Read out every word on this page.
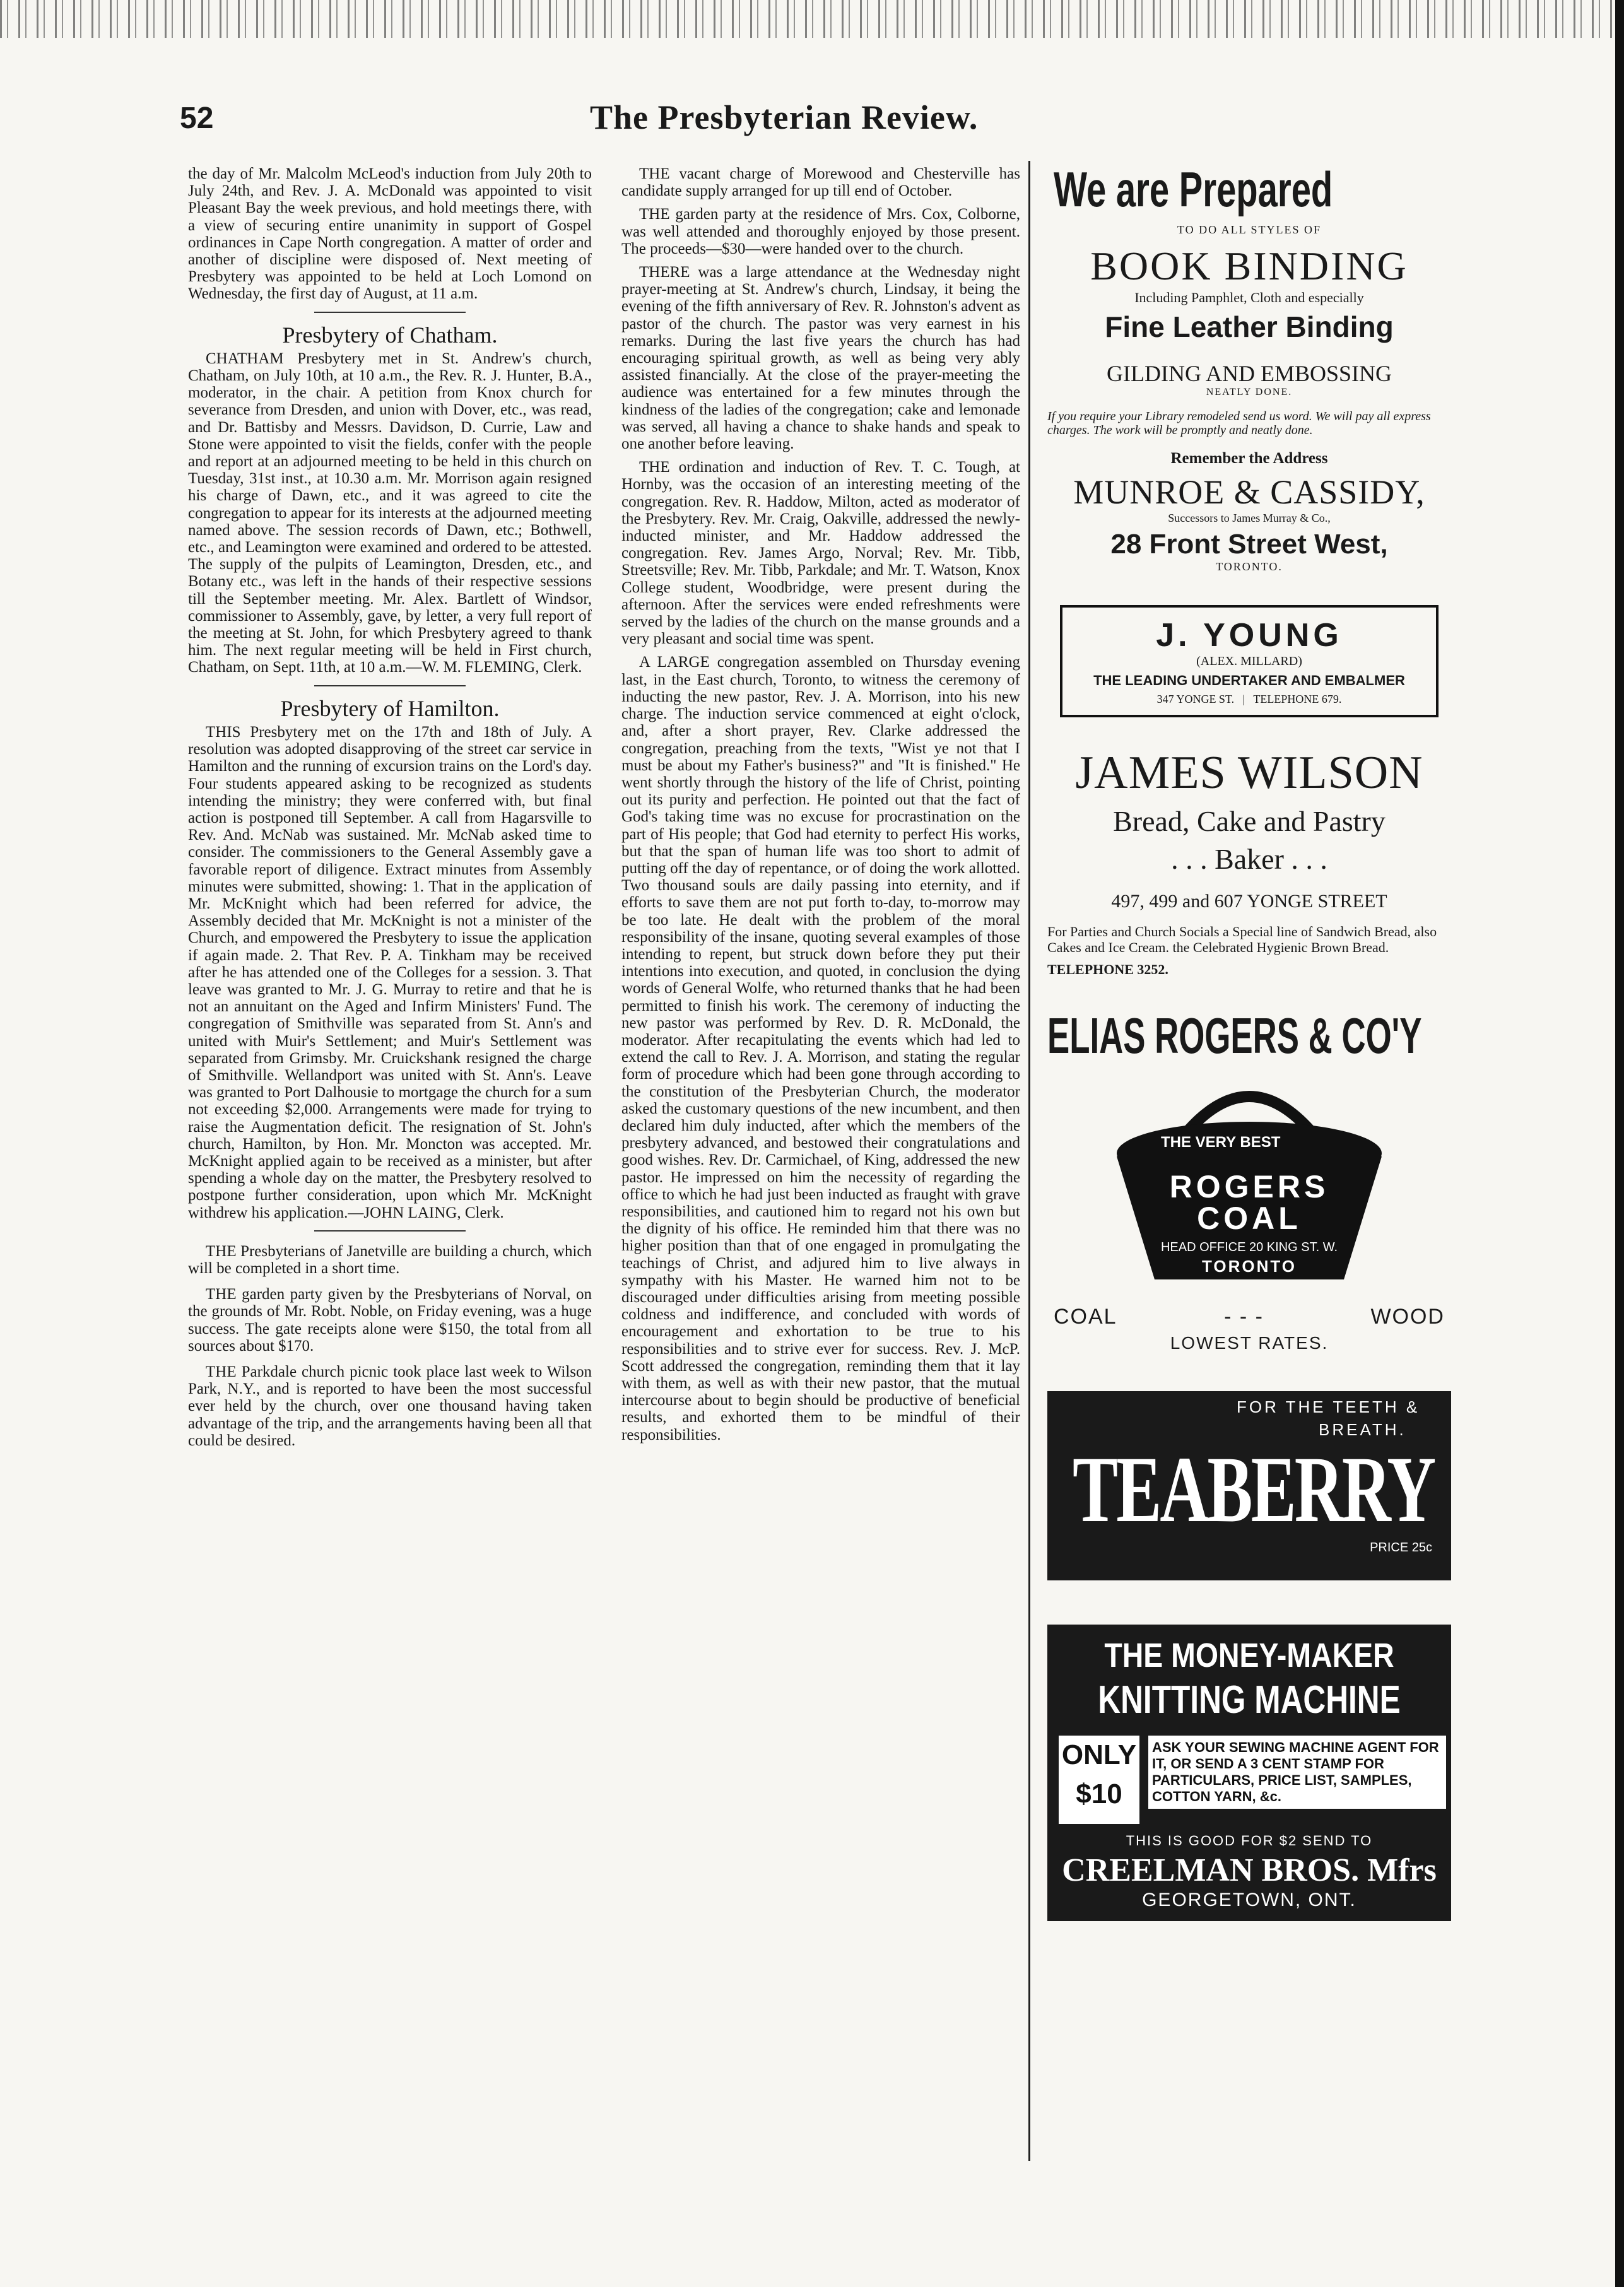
52	The Presbyterian Review.

the day of Mr. Malcolm McLeod's induction from July 20th to July 24th, and Rev. J. A. McDonald was appointed to visit Pleasant Bay the week previous, and hold meetings there, with a view of securing entire unanimity in support of Gospel ordinances in Cape North congregation. A matter of order and another of discipline were disposed of. Next meeting of Presbytery was appointed to be held at Loch Lomond on Wednesday, the first day of August, at 11 a.m.

Presbytery of Chatham.

CHATHAM Presbytery met in St. Andrew's church, Chatham, on July 10th, at 10 a.m., the Rev. R. J. Hunter, B.A., moderator, in the chair. A petition from Knox church for severance from Dresden, and union with Dover, etc., was read, and Dr. Battisby and Messrs. Davidson, D. Currie, Law and Stone were appointed to visit the fields, confer with the people and report at an adjourned meeting to be held in this church on Tuesday, 31st inst., at 10.30 a.m. Mr. Morrison again resigned his charge of Dawn, etc., and it was agreed to cite the congregation to appear for its interests at the adjourned meeting named above. The session records of Dawn, etc.; Bothwell, etc., and Leamington were examined and ordered to be attested. The supply of the pulpits of Leamington, Dresden, etc., and Botany etc., was left in the hands of their respective sessions till the September meeting. Mr. Alex. Bartlett of Windsor, commissioner to Assembly, gave, by letter, a very full report of the meeting at St. John, for which Presbytery agreed to thank him. The next regular meeting will be held in First church, Chatham, on Sept. 11th, at 10 a.m.—W. M. FLEMING, Clerk.

Presbytery of Hamilton.

THIS Presbytery met on the 17th and 18th of July. A resolution was adopted disapproving of the street car service in Hamilton and the running of excursion trains on the Lord's day. Four students appeared asking to be recognized as students intending the ministry; they were conferred with, but final action is postponed till September. A call from Hagarsville to Rev. And. McNab was sustained. Mr. McNab asked time to consider. The commissioners to the General Assembly gave a favorable report of diligence. Extract minutes from Assembly minutes were submitted, showing: 1. That in the application of Mr. McKnight which had been referred for advice, the Assembly decided that Mr. McKnight is not a minister of the Church, and empowered the Presbytery to issue the application if again made. 2. That Rev. P. A. Tinkham may be received after he has attended one of the Colleges for a session. 3. That leave was granted to Mr. J. G. Murray to retire and that he is not an annuitant on the Aged and Infirm Ministers' Fund. The congregation of Smithville was separated from St. Ann's and united with Muir's Settlement; and Muir's Settlement was separated from Grimsby. Mr. Cruickshank resigned the charge of Smithville. Wellandport was united with St. Ann's. Leave was granted to Port Dalhousie to mortgage the church for a sum not exceeding $2,000. Arrangements were made for trying to raise the Augmentation deficit. The resignation of St. John's church, Hamilton, by Hon. Mr. Moncton was accepted. Mr. McKnight applied again to be received as a minister, but after spending a whole day on the matter, the Presbytery resolved to postpone further consideration, upon which Mr. McKnight withdrew his application.—JOHN LAING, Clerk.

THE Presbyterians of Janetville are building a church, which will be completed in a short time.

THE garden party given by the Presbyterians of Norval, on the grounds of Mr. Robt. Noble, on Friday evening, was a huge success. The gate receipts alone were $150, the total from all sources about $170.

THE Parkdale church picnic took place last week to Wilson Park, N.Y., and is reported to have been the most successful ever held by the church, over one thousand having taken advantage of the trip, and the arrangements having been all that could be desired.

THE vacant charge of Morewood and Chesterville has candidate supply arranged for up till end of October.

THE garden party at the residence of Mrs. Cox, Colborne, was well attended and thoroughly enjoyed by those present. The proceeds—$30—were handed over to the church.

THERE was a large attendance at the Wednesday night prayer-meeting at St. Andrew's church, Lindsay, it being the evening of the fifth anniversary of Rev. R. Johnston's advent as pastor of the church. The pastor was very earnest in his remarks. During the last five years the church has had encouraging spiritual growth, as well as being very ably assisted financially. At the close of the prayer-meeting the audience was entertained for a few minutes through the kindness of the ladies of the congregation; cake and lemonade was served, all having a chance to shake hands and speak to one another before leaving.

THE ordination and induction of Rev. T. C. Tough, at Hornby, was the occasion of an interesting meeting of the congregation. Rev. R. Haddow, Milton, acted as moderator of the Presbytery. Rev. Mr. Craig, Oakville, addressed the newly-inducted minister, and Mr. Haddow addressed the congregation. Rev. James Argo, Norval; Rev. Mr. Tibb, Streetsville; Rev. Mr. Tibb, Parkdale; and Mr. T. Watson, Knox College student, Woodbridge, were present during the afternoon. After the services were ended refreshments were served by the ladies of the church on the manse grounds and a very pleasant and social time was spent.

A LARGE congregation assembled on Thursday evening last, in the East church, Toronto, to witness the ceremony of inducting the new pastor, Rev. J. A. Morrison, into his new charge. The induction service commenced at eight o'clock, and, after a short prayer, Rev. Clarke addressed the congregation, preaching from the texts, "Wist ye not that I must be about my Father's business?" and "It is finished." He went shortly through the history of the life of Christ, pointing out its purity and perfection. He pointed out that the fact of God's taking time was no excuse for procrastination on the part of His people; that God had eternity to perfect His works, but that the span of human life was too short to admit of putting off the day of repentance, or of doing the work allotted. Two thousand souls are daily passing into eternity, and if efforts to save them are not put forth to-day, to-morrow may be too late. He dealt with the problem of the moral responsibility of the insane, quoting several examples of those intending to repent, but struck down before they put their intentions into execution, and quoted, in conclusion the dying words of General Wolfe, who returned thanks that he had been permitted to finish his work. The ceremony of inducting the new pastor was performed by Rev. D. R. McDonald, the moderator. After recapitulating the events which had led to extend the call to Rev. J. A. Morrison, and stating the regular form of procedure which had been gone through according to the constitution of the Presbyterian Church, the moderator asked the customary questions of the new incumbent, and then declared him duly inducted, after which the members of the presbytery advanced, and bestowed their congratulations and good wishes. Rev. Dr. Carmichael, of King, addressed the new pastor. He impressed on him the necessity of regarding the office to which he had just been inducted as fraught with grave responsibilities, and cautioned him to regard not his own but the dignity of his office. He reminded him that there was no higher position than that of one engaged in promulgating the teachings of Christ, and adjured him to live always in sympathy with his Master. He warned him not to be discouraged under difficulties arising from meeting possible coldness and indifference, and concluded with words of encouragement and exhortation to be true to his responsibilities and to strive ever for success. Rev. J. McP. Scott addressed the congregation, reminding them that it lay with them, as well as with their new pastor, that the mutual intercourse about to begin should be productive of beneficial results, and exhorted them to be mindful of their responsibilities.

We are Prepared
TO DO ALL STYLES OF
BOOK BINDING
Including Pamphlet, Cloth and especially
Fine Leather Binding
GILDING AND EMBOSSING
NEATLY DONE.
If you require your Library remodeled send us word. We will pay all express charges. The work will be promptly and neatly done.
Remember the Address
MUNROE & CASSIDY,
Successors to James Murray & Co.,
28 Front Street West,
TORONTO.
J. YOUNG
(ALEX. MILLARD)
THE LEADING UNDERTAKER AND EMBALMER
347 YONGE ST.   |   TELEPHONE 679.
JAMES WILSON
Bread, Cake and Pastry
. . . Baker . . .
497, 499 and 607 YONGE STREET
For Parties and Church Socials a Special line of Sandwich Bread, also Cakes and Ice Cream. the Celebrated Hygienic Brown Bread.
TELEPHONE 3252.
ELIAS ROGERS & CO'Y
THE VERY BEST
ROGERS
COAL
HEAD OFFICE 20 KING ST. W.
TORONTO
COAL	- - -	WOOD
LOWEST RATES.
FOR THE TEETH &
BREATH.
TEABERRY
PRICE 25c
THE MONEY-MAKER
KNITTING MACHINE
ONLY
$10
ASK YOUR SEWING MACHINE AGENT FOR IT, OR SEND A 3 CENT STAMP FOR PARTICULARS, PRICE LIST, SAMPLES, COTTON YARN, &c.
THIS IS GOOD FOR $2 SEND TO
CREELMAN BROS. Mfrs
GEORGETOWN, ONT.
